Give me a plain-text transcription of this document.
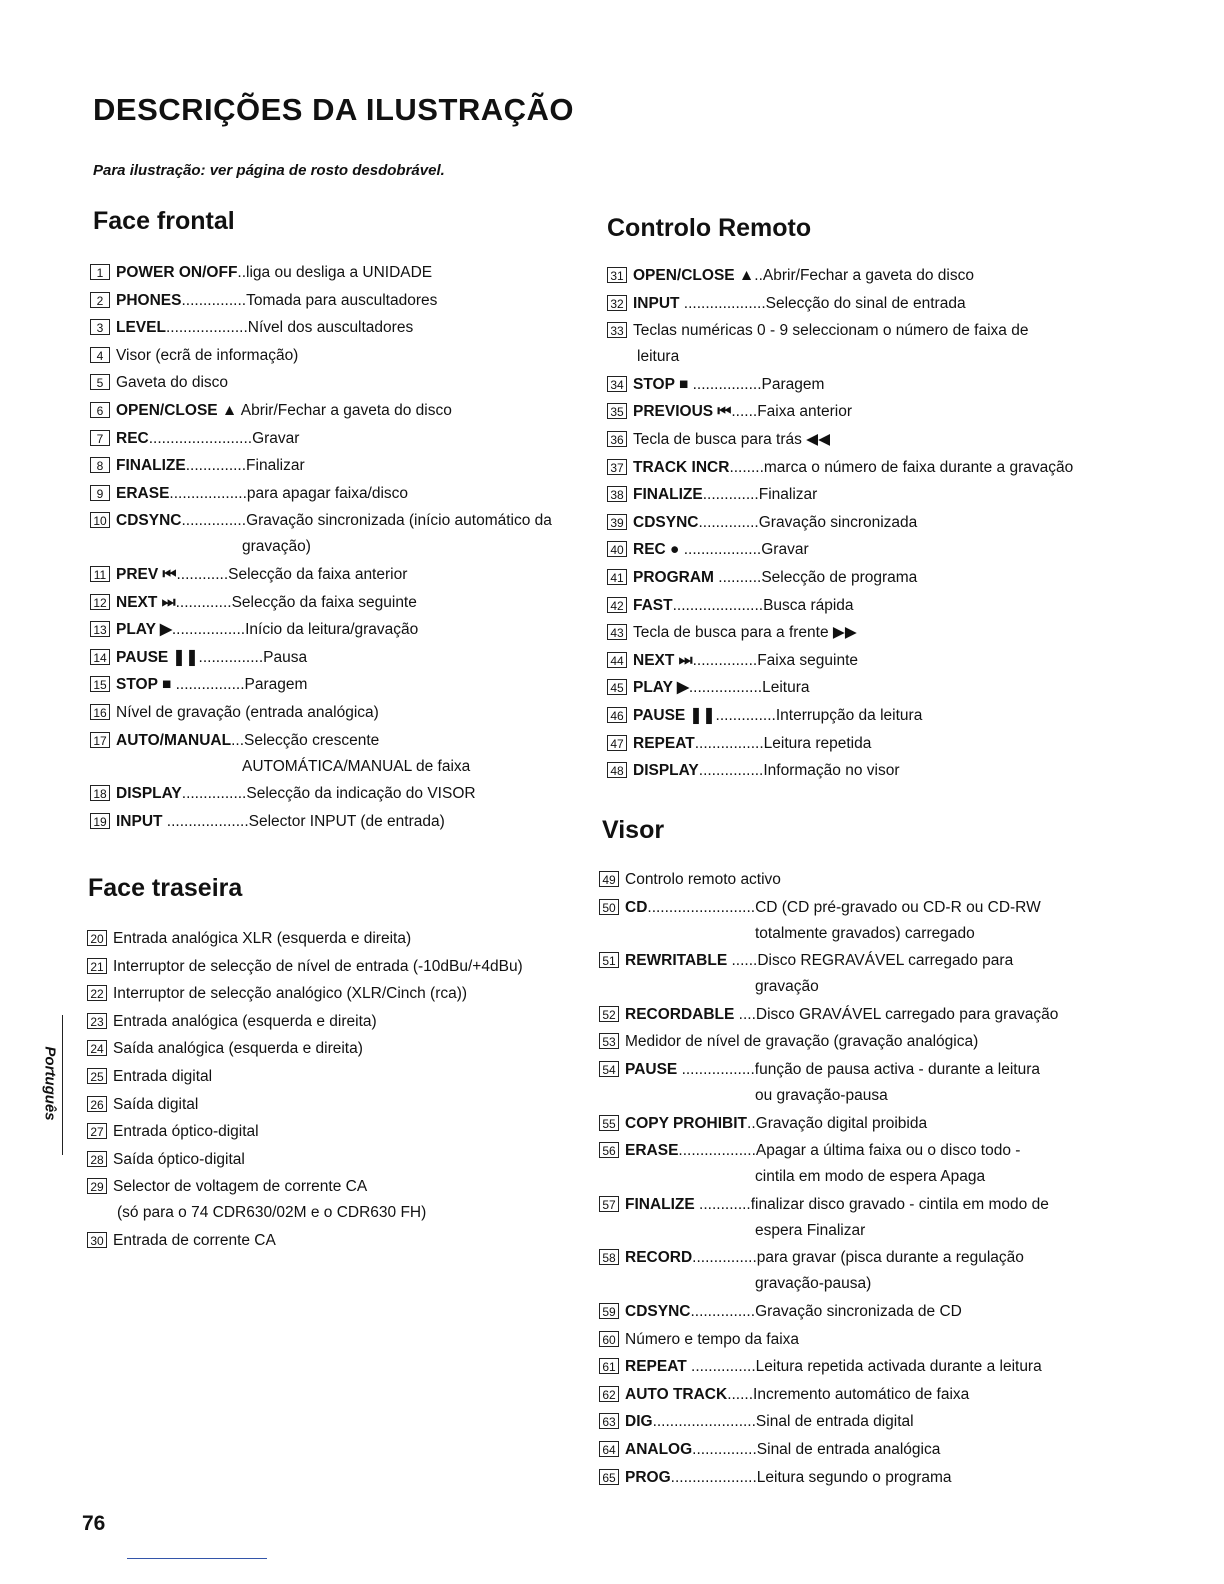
DESCRIÇÕES DA ILUSTRAÇÃO
Para ilustração: ver página de rosto desdobrável.
Face frontal
1 POWER ON/OFF..liga ou desliga a UNIDADE
2 PHONES...............Tomada para auscultadores
3 LEVEL...................Nível dos auscultadores
4 Visor (ecrã de informação)
5 Gaveta do disco
6 OPEN/CLOSE ▲ Abrir/Fechar a gaveta do disco
7 REC........................Gravar
8 FINALIZE..............Finalizar
9 ERASE..................para apagar faixa/disco
10 CDSYNC...............Gravação sincronizada (início automático da
gravação)
11 PREV ⏮............Selecção da faixa anterior
12 NEXT ⏭.............Selecção da faixa seguinte
13 PLAY ▶.................Início da leitura/gravação
14 PAUSE ❚❚...............Pausa
15 STOP ■ ................Paragem
16 Nível de gravação (entrada analógica)
17 AUTO/MANUAL...Selecção crescente
AUTOMÁTICA/MANUAL de faixa
18 DISPLAY...............Selecção da indicação do VISOR
19 INPUT ...................Selector INPUT (de entrada)
Face traseira
20 Entrada analógica XLR (esquerda e direita)
21 Interruptor de selecção de nível de entrada (-10dBu/+4dBu)
22 Interruptor de selecção analógico (XLR/Cinch (rca))
23 Entrada analógica (esquerda e direita)
24 Saída analógica (esquerda e direita)
25 Entrada digital
26 Saída digital
27 Entrada óptico-digital
28 Saída óptico-digital
29 Selector de voltagem de corrente CA
(só para o 74 CDR630/02M e o CDR630 FH)
30 Entrada de corrente CA
Controlo Remoto
31 OPEN/CLOSE ▲..Abrir/Fechar a gaveta do disco
32 INPUT ...................Selecção do sinal de entrada
33 Teclas numéricas 0 - 9 seleccionam o número de faixa de
leitura
34 STOP ■ ................Paragem
35 PREVIOUS ⏮......Faixa anterior
36 Tecla de busca para trás ◀◀
37 TRACK INCR........marca o número de faixa durante a gravação
38 FINALIZE.............Finalizar
39 CDSYNC..............Gravação sincronizada
40 REC ● ..................Gravar
41 PROGRAM ..........Selecção de programa
42 FAST.....................Busca rápida
43 Tecla de busca para a frente ▶▶
44 NEXT ⏭...............Faixa seguinte
45 PLAY ▶.................Leitura
46 PAUSE ❚❚..............Interrupção da leitura
47 REPEAT................Leitura repetida
48 DISPLAY...............Informação no visor
Visor
49 Controlo remoto activo
50 CD.........................CD (CD pré-gravado ou CD-R ou CD-RW
totalmente gravados) carregado
51 REWRITABLE ......Disco REGRAVÁVEL carregado para
gravação
52 RECORDABLE ....Disco GRAVÁVEL carregado para gravação
53 Medidor de nível de gravação (gravação analógica)
54 PAUSE .................função de pausa activa - durante a leitura
ou gravação-pausa
55 COPY PROHIBIT..Gravação digital proibida
56 ERASE..................Apagar a última faixa ou o disco todo -
cintila em modo de espera Apaga
57 FINALIZE ............finalizar disco gravado - cintila em modo de
espera Finalizar
58 RECORD...............para gravar (pisca durante a regulação
gravação-pausa)
59 CDSYNC...............Gravação sincronizada de CD
60 Número e tempo da faixa
61 REPEAT ...............Leitura repetida activada durante a leitura
62 AUTO TRACK......Incremento automático de faixa
63 DIG........................Sinal de entrada digital
64 ANALOG...............Sinal de entrada analógica
65 PROG....................Leitura segundo o programa
Português
76
